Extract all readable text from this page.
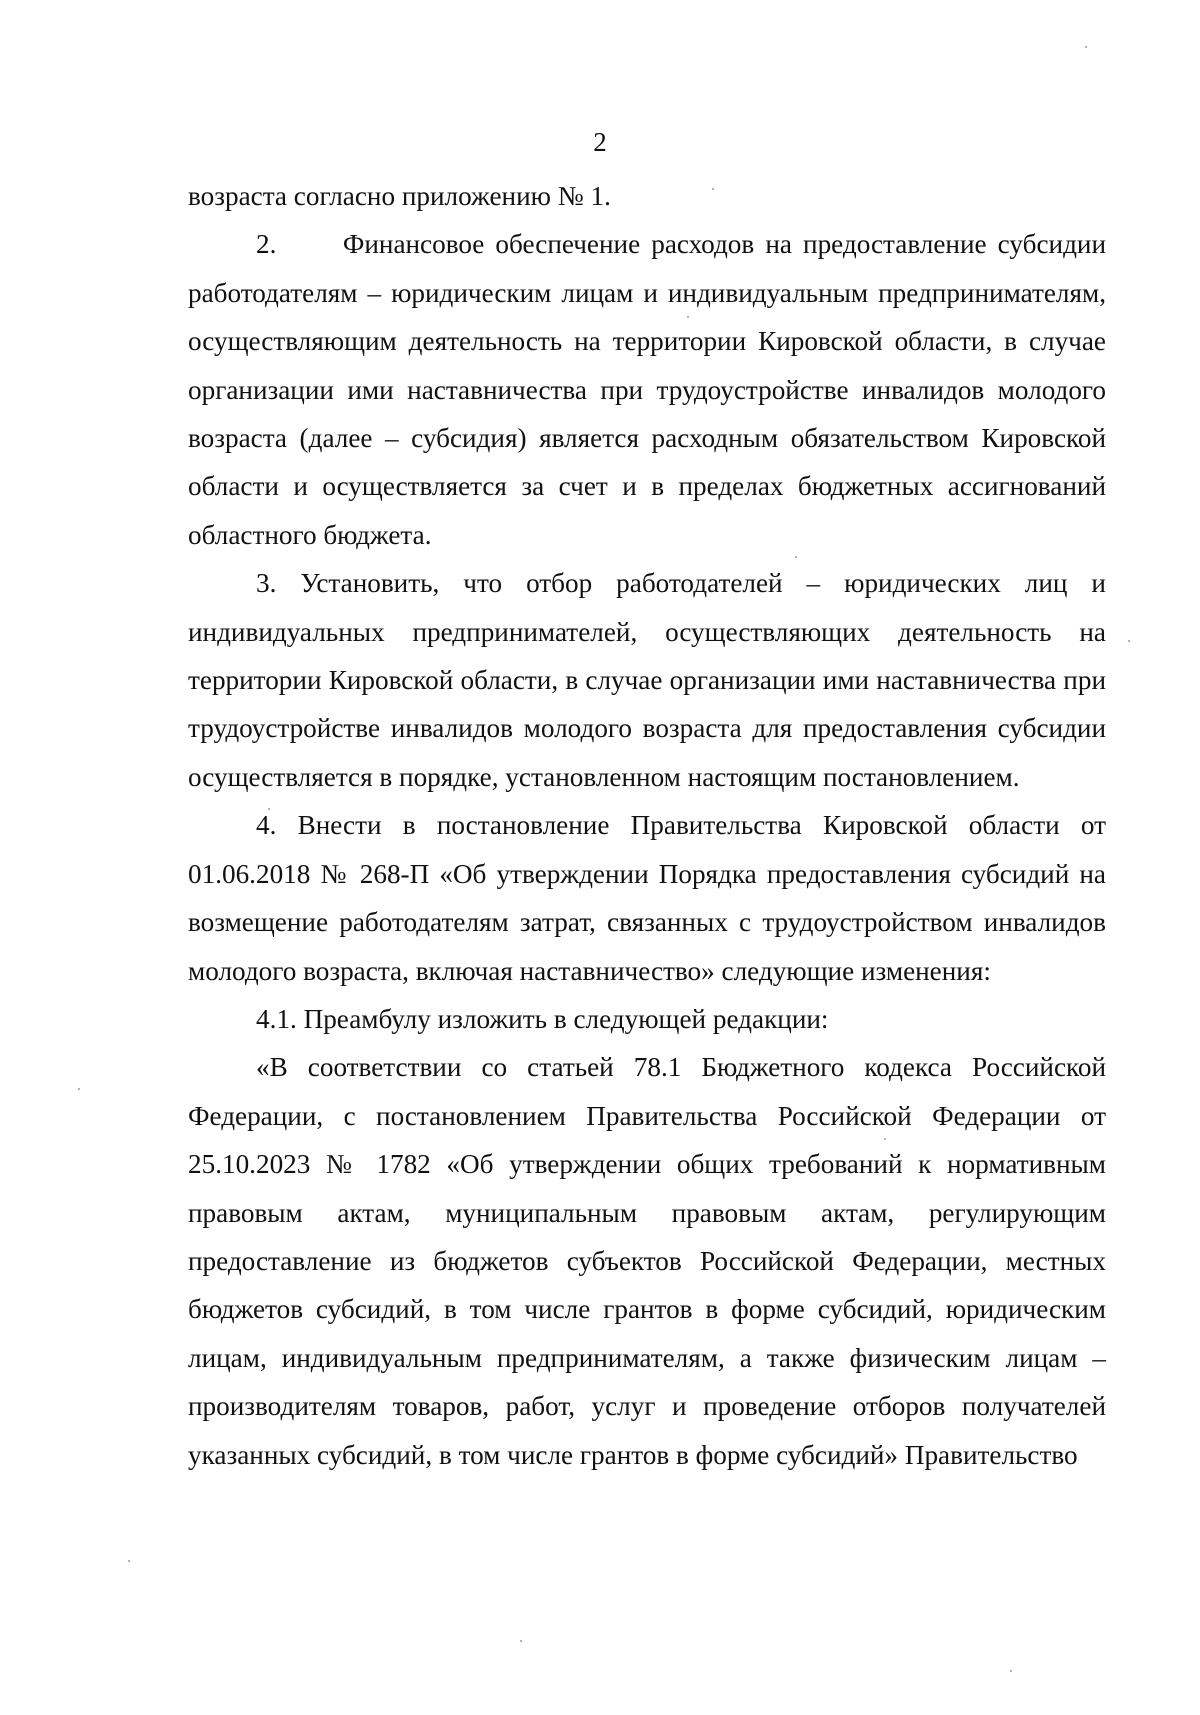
2

возраста согласно приложению № 1.

2.      Финансовое обеспечение расходов на предоставление субсидии работодателям – юридическим лицам и индивидуальным предпринимателям, осуществляющим деятельность на территории Кировской области, в случае организации ими наставничества при трудоустройстве инвалидов молодого возраста (далее – субсидия) является расходным обязательством Кировской области и осуществляется за счет и в пределах бюджетных ассигнований областного бюджета.

3. Установить, что отбор работодателей – юридических лиц и индивидуальных предпринимателей, осуществляющих деятельность на территории Кировской области, в случае организации ими наставничества при трудоустройстве инвалидов молодого возраста для предоставления субсидии осуществляется в порядке, установленном настоящим постановлением.

4. Внести в постановление Правительства Кировской области от 01.06.2018 № 268-П «Об утверждении Порядка предоставления субсидий на возмещение работодателям затрат, связанных с трудоустройством инвалидов молодого возраста, включая наставничество» следующие изменения:

4.1. Преамбулу изложить в следующей редакции:

«В соответствии со статьей 78.1 Бюджетного кодекса Российской Федерации, с постановлением Правительства Российской Федерации от 25.10.2023 № 1782 «Об утверждении общих требований к нормативным правовым актам, муниципальным правовым актам, регулирующим предоставление из бюджетов субъектов Российской Федерации, местных бюджетов субсидий, в том числе грантов в форме субсидий, юридическим лицам, индивидуальным предпринимателям, а также физическим лицам – производителям товаров, работ, услуг и проведение отборов получателей указанных субсидий, в том числе грантов в форме субсидий» Правительство
